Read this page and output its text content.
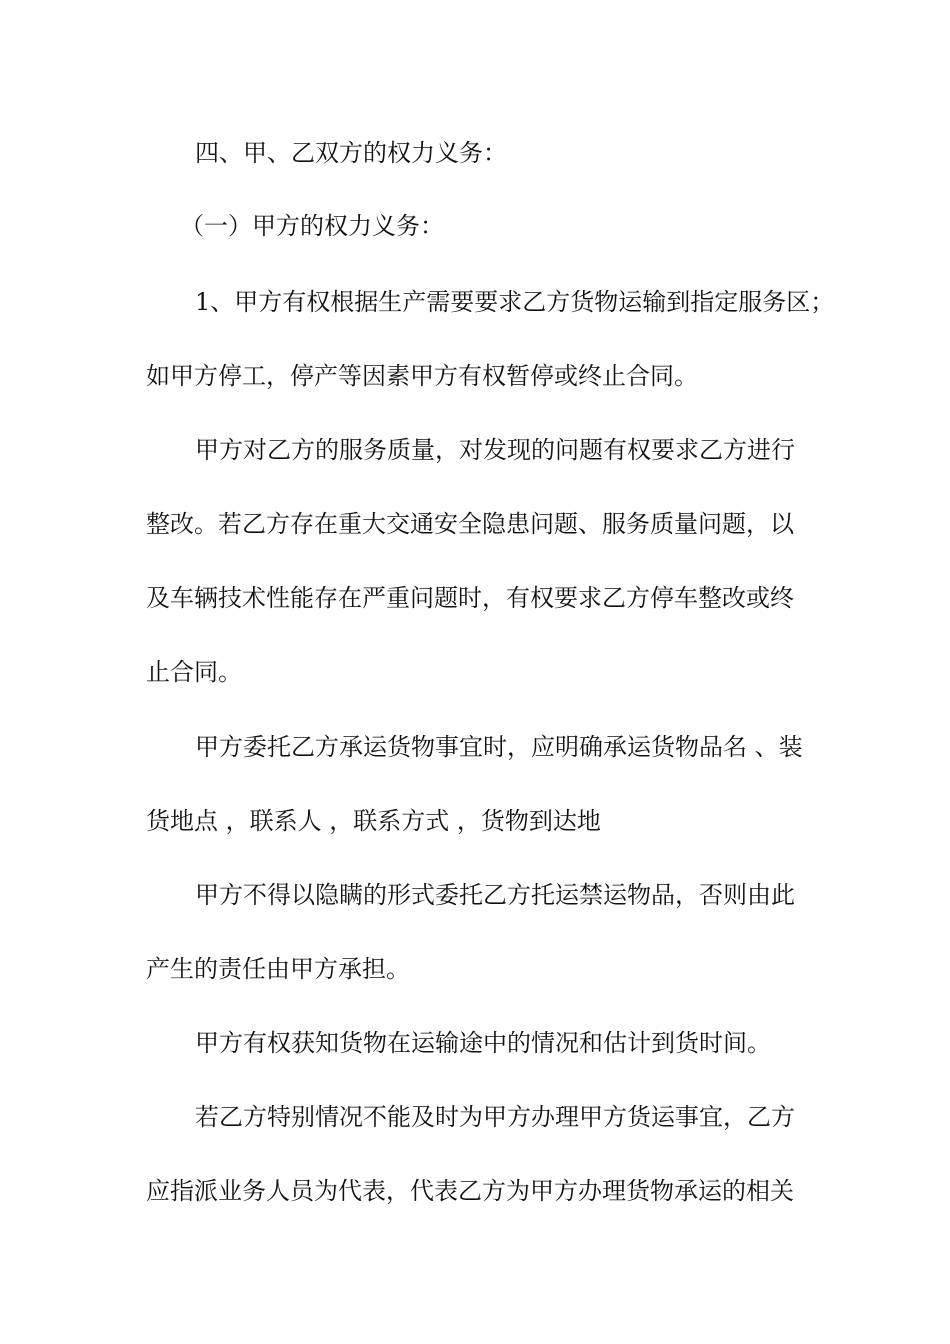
四、甲、乙双方的权力义务：
（一）甲方的权力义务：
1、甲方有权根据生产需要要求乙方货物运输到指定服务区；
如甲方停工，停产等因素甲方有权暂停或终止合同。
甲方对乙方的服务质量，对发现的问题有权要求乙方进行
整改。若乙方存在重大交通安全隐患问题、服务质量问题，以
及车辆技术性能存在严重问题时，有权要求乙方停车整改或终
止合同。
甲方委托乙方承运货物事宜时，应明确承运货物品名 、装
货地点 ，联系人 ，联系方式 ，货物到达地
甲方不得以隐瞒的形式委托乙方托运禁运物品，否则由此
产生的责任由甲方承担。
甲方有权获知货物在运输途中的情况和估计到货时间。
若乙方特别情况不能及时为甲方办理甲方货运事宜，乙方
应指派业务人员为代表，代表乙方为甲方办理货物承运的相关
